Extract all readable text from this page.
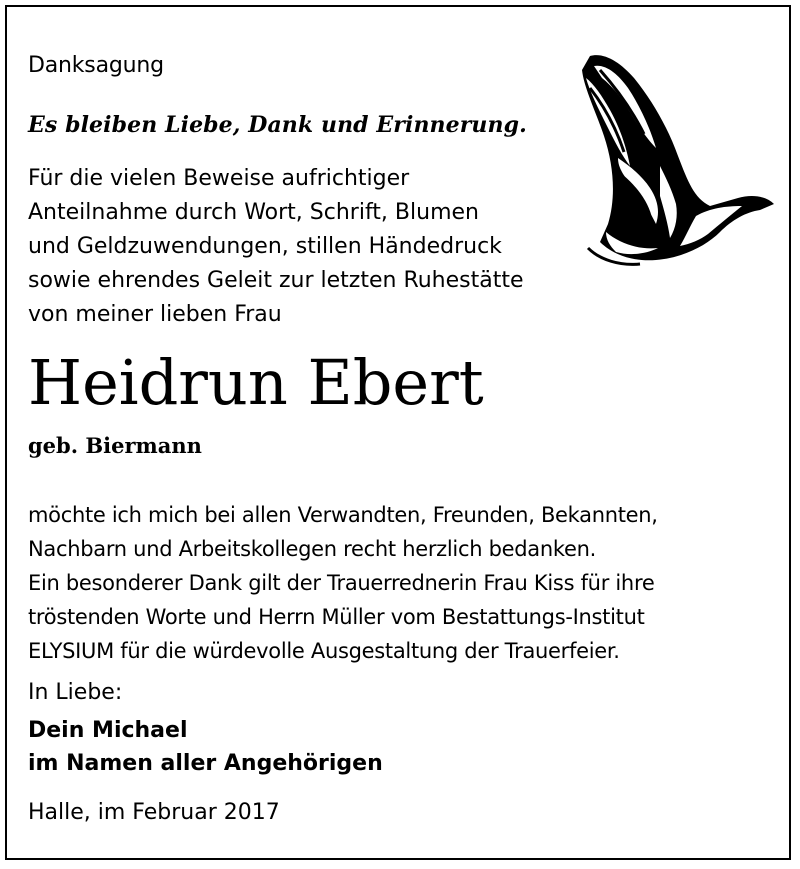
Danksagung
Es bleiben Liebe, Dank und Erinnerung.
Für die vielen Beweise aufrichtiger
Anteilnahme durch Wort, Schrift, Blumen
und Geldzuwendungen, stillen Händedruck
sowie ehrendes Geleit zur letzten Ruhestätte
von meiner lieben Frau
Heidrun Ebert
geb. Biermann
möchte ich mich bei allen Verwandten, Freunden, Bekannten,
Nachbarn und Arbeitskollegen recht herzlich bedanken.
Ein besonderer Dank gilt der Trauerrednerin Frau Kiss für ihre
tröstenden Worte und Herrn Müller vom Bestattungs-Institut
ELYSIUM für die würdevolle Ausgestaltung der Trauerfeier.
In Liebe:
Dein Michael
im Namen aller Angehörigen
Halle, im Februar 2017
